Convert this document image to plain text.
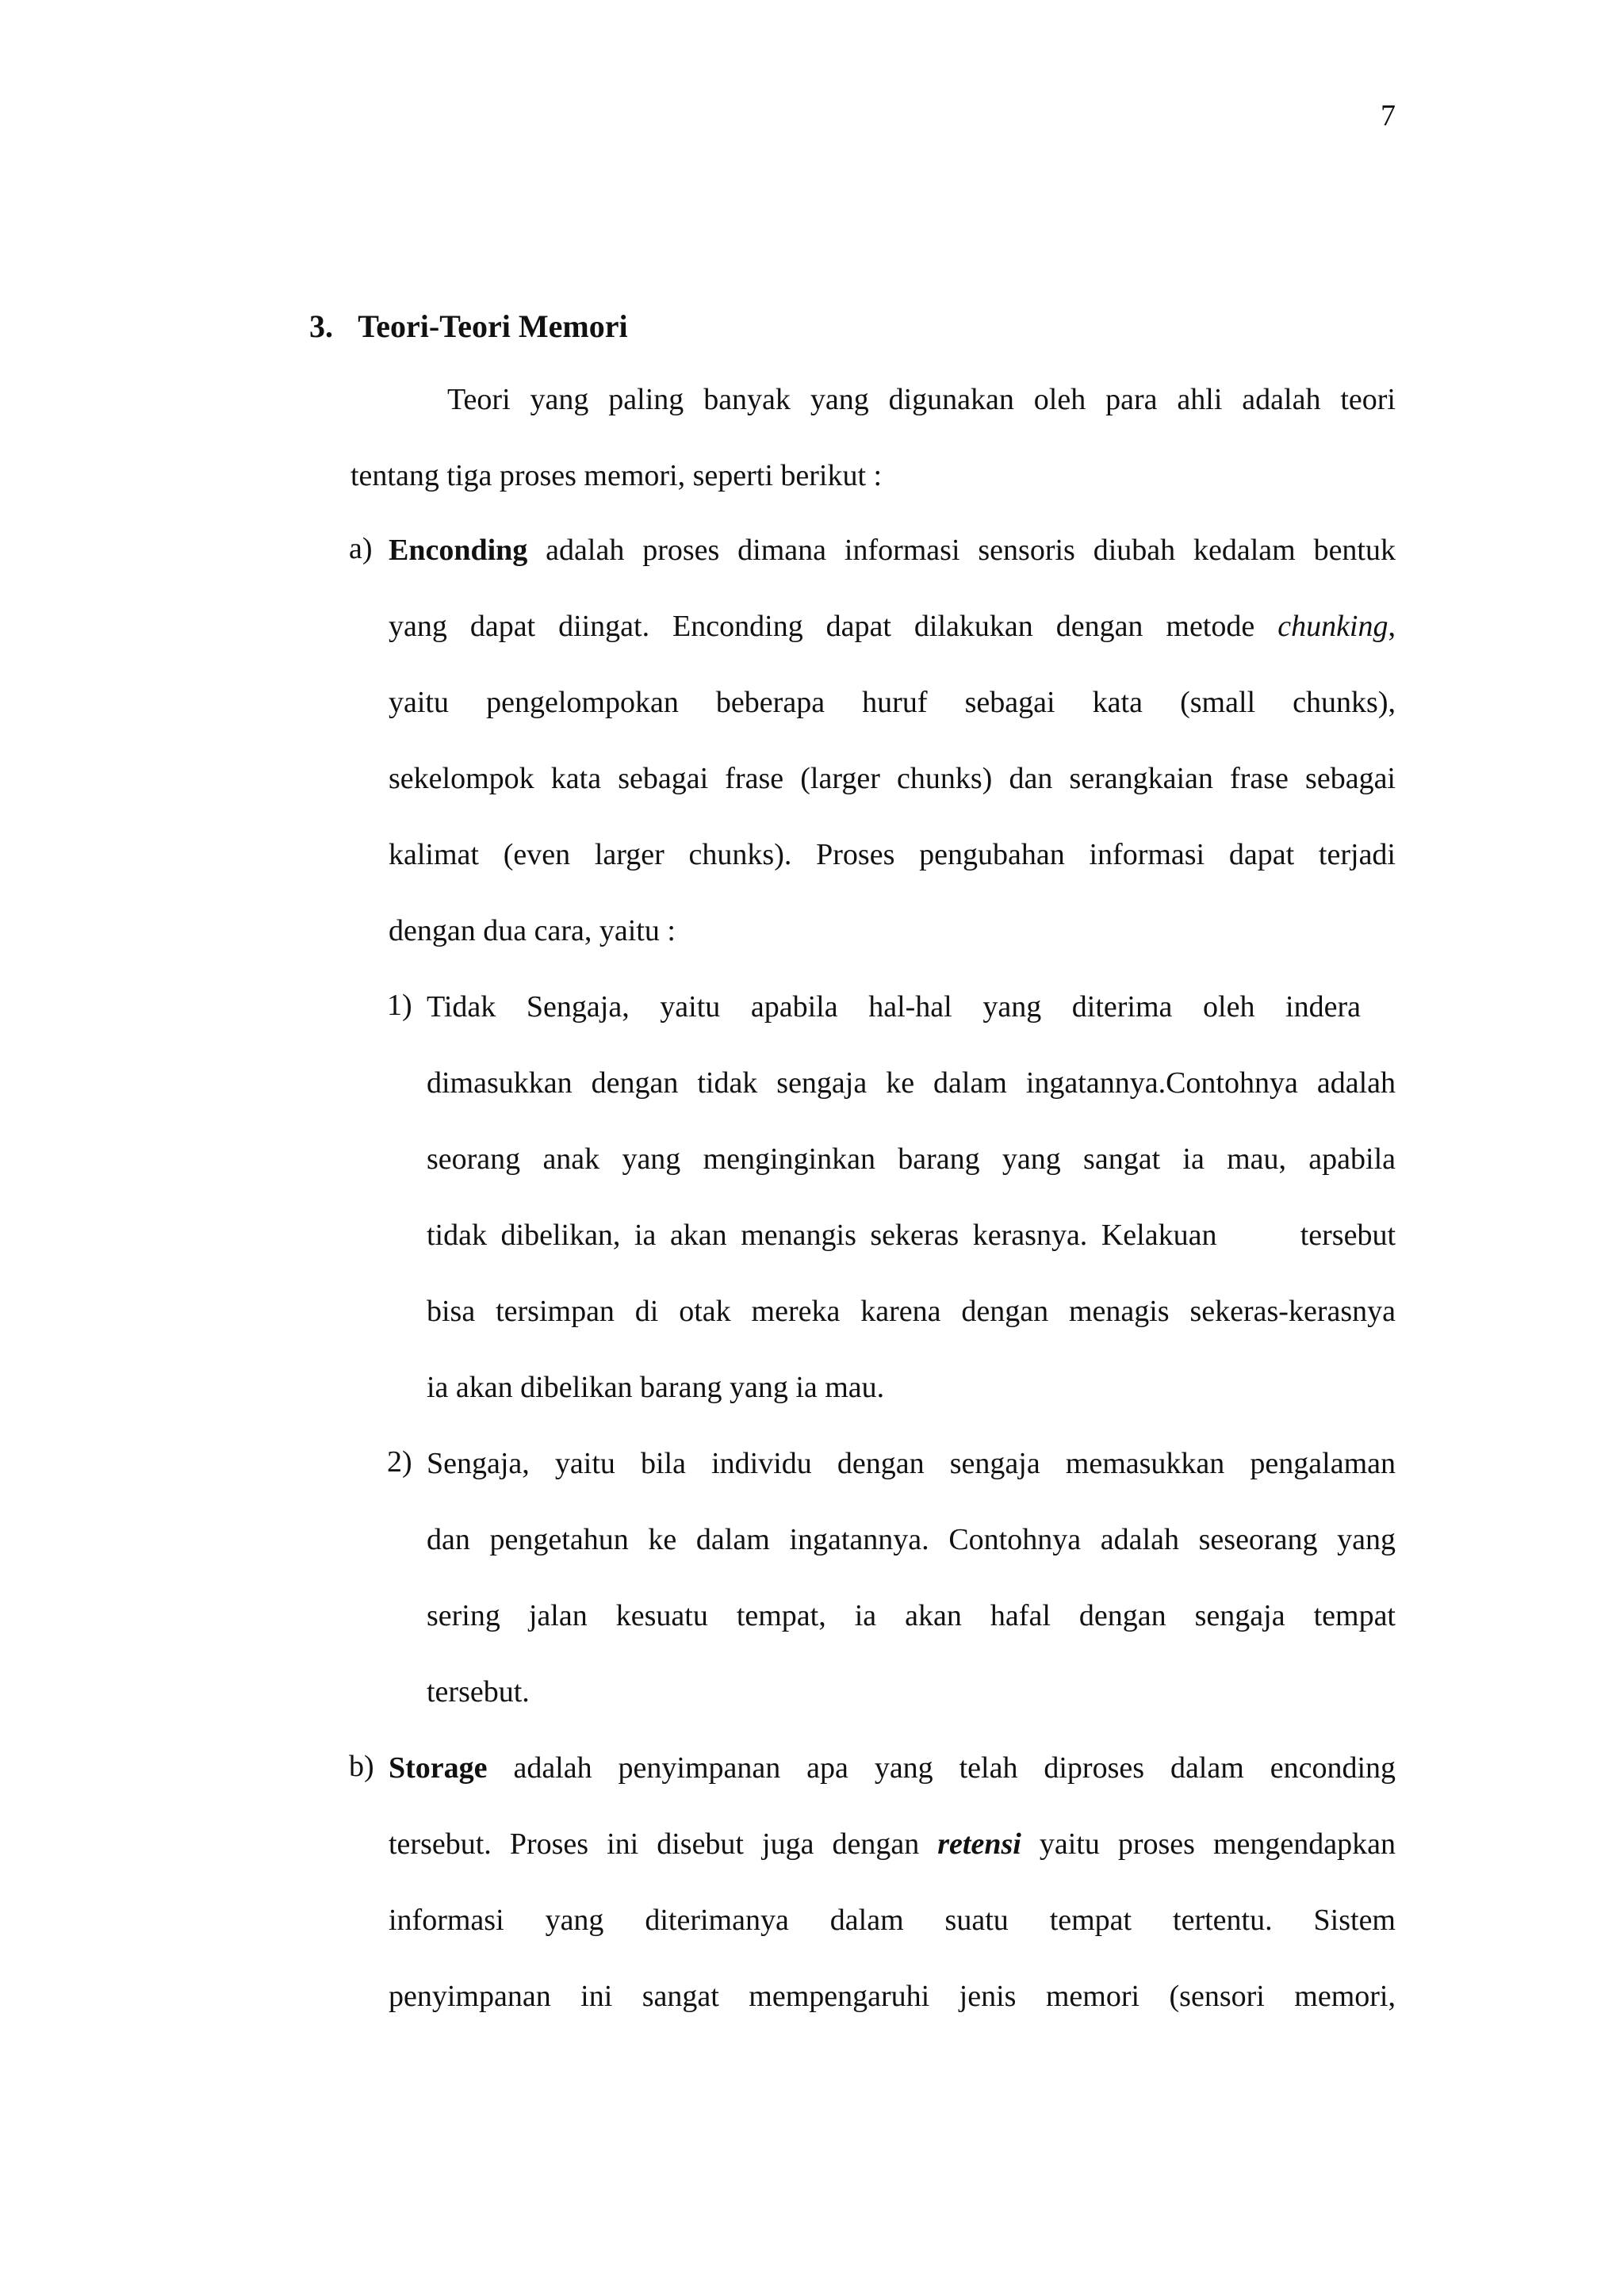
7
3. Teori-Teori Memori
Teori yang paling banyak yang digunakan oleh para ahli adalah teori
tentang tiga proses memori, seperti berikut :
a) Enconding adalah proses dimana informasi sensoris diubah kedalam bentuk
yang dapat diingat. Enconding dapat dilakukan dengan metode chunking,
yaitu pengelompokan beberapa huruf sebagai kata (small chunks),
sekelompok kata sebagai frase (larger chunks) dan serangkaian frase sebagai
kalimat (even larger chunks). Proses pengubahan informasi dapat terjadi
dengan dua cara, yaitu :
1) Tidak Sengaja, yaitu apabila hal-hal yang diterima oleh indera
dimasukkan dengan tidak sengaja ke dalam ingatannya.Contohnya adalah
seorang anak yang menginginkan barang yang sangat ia mau, apabila
tidak dibelikan, ia akan menangis sekeras kerasnya. Kelakuan      tersebut
bisa tersimpan di otak mereka karena dengan menagis sekeras-kerasnya
ia akan dibelikan barang yang ia mau.
2) Sengaja, yaitu bila individu dengan sengaja memasukkan pengalaman
dan pengetahun ke dalam ingatannya. Contohnya adalah seseorang yang
sering jalan kesuatu tempat, ia akan hafal dengan sengaja tempat
tersebut.
b) Storage adalah penyimpanan apa yang telah diproses dalam enconding
tersebut. Proses ini disebut juga dengan retensi yaitu proses mengendapkan
informasi yang diterimanya dalam suatu tempat tertentu. Sistem
penyimpanan ini sangat mempengaruhi jenis memori (sensori memori,
